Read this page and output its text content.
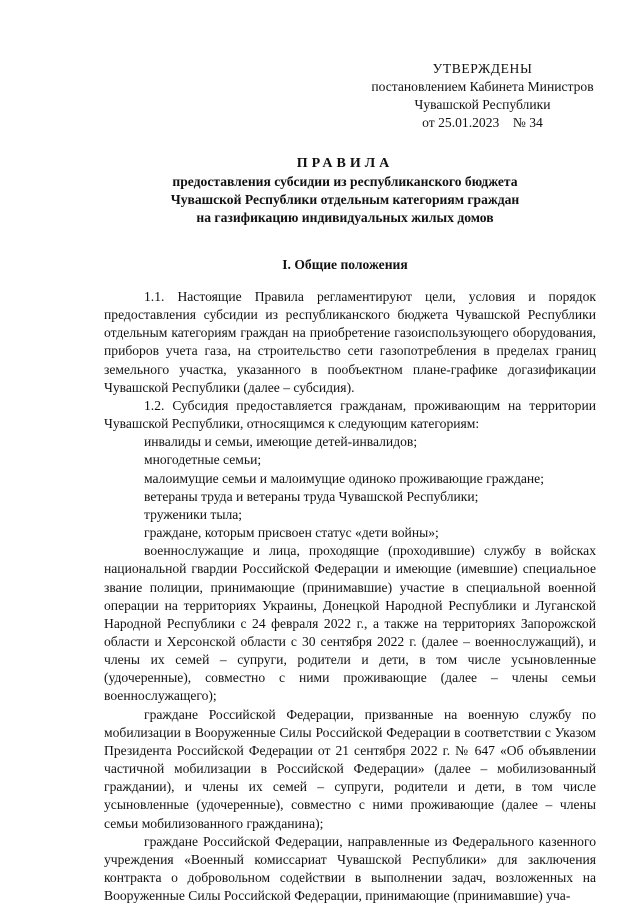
УТВЕРЖДЕНЫ
постановлением Кабинета Министров
Чувашской Республики
от 25.01.2023    № 34
ПРАВИЛА
предоставления субсидии из республиканского бюджета
Чувашской Республики отдельным категориям граждан
на газификацию индивидуальных жилых домов
I. Общие положения

1.1. Настоящие Правила регламентируют цели, условия и порядок предоставления субсидии из республиканского бюджета Чувашской Республики отдельным категориям граждан на приобретение газоиспользующего оборудования, приборов учета газа, на строительство сети газопотребления в пределах границ земельного участка, указанного в пообъектном плане-графике догазификации Чувашской Республики (далее – субсидия).

1.2. Субсидия предоставляется гражданам, проживающим на территории Чувашской Республики, относящимся к следующим категориям:

инвалиды и семьи, имеющие детей-инвалидов;

многодетные семьи;

малоимущие семьи и малоимущие одиноко проживающие граждане;

ветераны труда и ветераны труда Чувашской Республики;

труженики тыла;

граждане, которым присвоен статус «дети войны»;

военнослужащие и лица, проходящие (проходившие) службу в войсках национальной гвардии Российской Федерации и имеющие (имевшие) специальное звание полиции, принимающие (принимавшие) участие в специальной военной операции на территориях Украины, Донецкой Народной Республики и Луганской Народной Республики с 24 февраля 2022 г., а также на территориях Запорожской области и Херсонской области с 30 сентября 2022 г. (далее – военнослужащий), и члены их семей – супруги, родители и дети, в том числе усыновленные (удочеренные), совместно с ними проживающие (далее – члены семьи военнослужащего);

граждане Российской Федерации, призванные на военную службу по мобилизации в Вооруженные Силы Российской Федерации в соответствии с Указом Президента Российской Федерации от 21 сентября 2022 г. № 647 «Об объявлении частичной мобилизации в Российской Федерации» (далее – мобилизованный граждании), и члены их семей – супруги, родители и дети, в том числе усыновленные (удочеренные), совместно с ними проживающие (далее – члены семьи мобилизованного гражданина);

граждане Российской Федерации, направленные из Федерального казенного учреждения «Военный комиссариат Чувашской Республики» для заключения контракта о добровольном содействии в выполнении задач, возложенных на Вооруженные Силы Российской Федерации, принимающие (принимавшие) уча-
